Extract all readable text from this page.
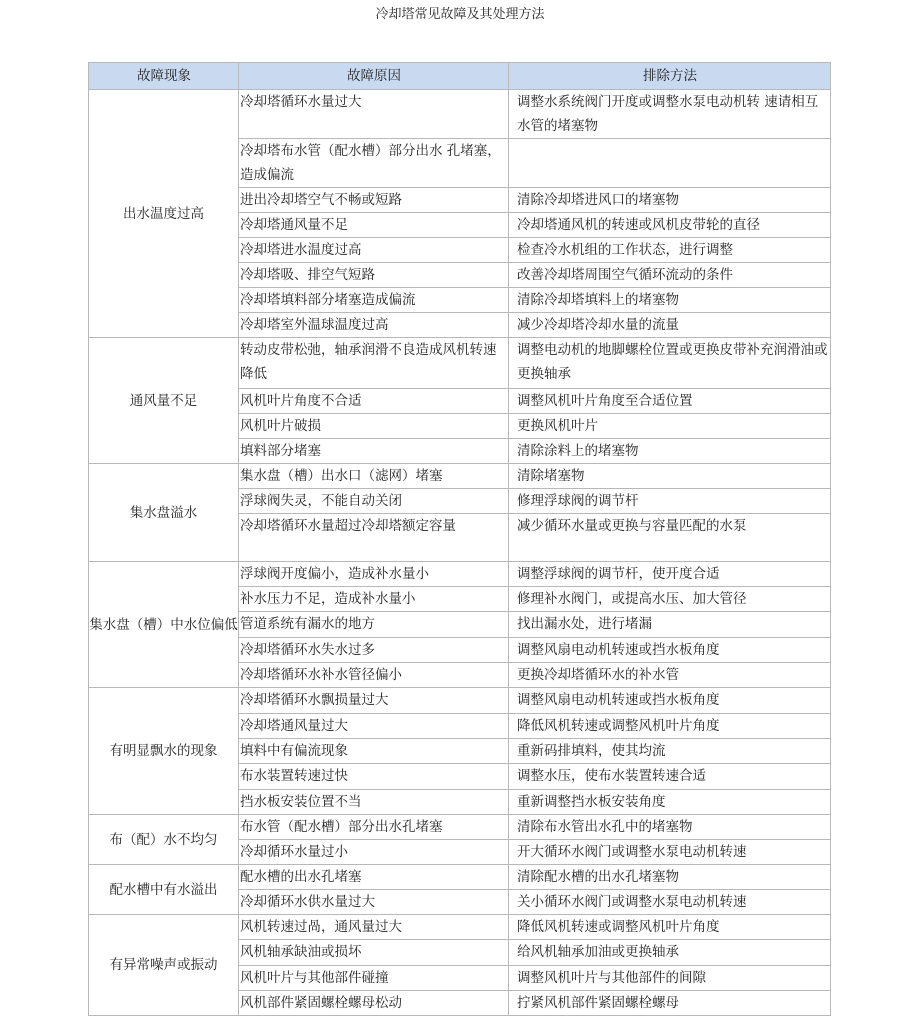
冷却塔常见故障及其处理方法
故障现象	故障原因	排除方法
出水温度过高	冷却塔循环水量过大	调整水系统阀门开度或调整水泵电动机转 速请相互水管的堵塞物
	冷却塔布水管（配水槽）部分出水 孔堵塞，造成偏流	
	进出冷却塔空气不畅或短路	清除冷却塔进风口的堵塞物
	冷却塔通风量不足	冷却塔通风机的转速或风机皮带轮的直径
	冷却塔进水温度过高	检查冷水机组的工作状态，进行调整
	冷却塔吸、排空气短路	改善冷却塔周围空气循环流动的条件
	冷却塔填料部分堵塞造成偏流	清除冷却塔填料上的堵塞物
	冷却塔室外温球温度过高	减少冷却塔冷却水量的流量
通风量不足	转动皮带松弛，轴承润滑不良造成风机转速降低	调整电动机的地脚螺栓位置或更换皮带补充润滑油或更换轴承
	风机叶片角度不合适	调整风机叶片角度至合适位置
	风机叶片破损	更换风机叶片
	填料部分堵塞	清除涂料上的堵塞物
集水盘溢水	集水盘（槽）出水口（滤网）堵塞	清除堵塞物
	浮球阀失灵，不能自动关闭	修理浮球阀的调节杆
	冷却塔循环水量超过冷却塔额定容量	减少循环水量或更换与容量匹配的水泵
集水盘（槽）中水位偏低	浮球阀开度偏小，造成补水量小	调整浮球阀的调节杆，使开度合适
	补水压力不足，造成补水量小	修理补水阀门，或提高水压、加大管径
	管道系统有漏水的地方	找出漏水处，进行堵漏
	冷却塔循环水失水过多	调整风扇电动机转速或挡水板角度
	冷却塔循环水补水管径偏小	更换冷却塔循环水的补水管
有明显飘水的现象	冷却塔循环水飘损量过大	调整风扇电动机转速或挡水板角度
	冷却塔通风量过大	降低风机转速或调整风机叶片角度
	填料中有偏流现象	重新码排填料，使其均流
	布水装置转速过快	调整水压，使布水装置转速合适
	挡水板安装位置不当	重新调整挡水板安装角度
布（配）水不均匀	布水管（配水槽）部分出水孔堵塞	清除布水管出水孔中的堵塞物
	冷却循环水量过小	开大循环水阀门或调整水泵电动机转速
配水槽中有水溢出	配水槽的出水孔堵塞	清除配水槽的出水孔堵塞物
	冷却循环水供水量过大	关小循环水阀门或调整水泵电动机转速
有异常噪声或振动	风机转速过咼，通风量过大	降低风机转速或调整风机叶片角度
	风机轴承缺油或损坏	给风机轴承加油或更换轴承
	风机叶片与其他部件碰撞	调整风机叶片与其他部件的间隙
	风机部件紧固螺栓螺母松动	拧紧风机部件紧固螺栓螺母
